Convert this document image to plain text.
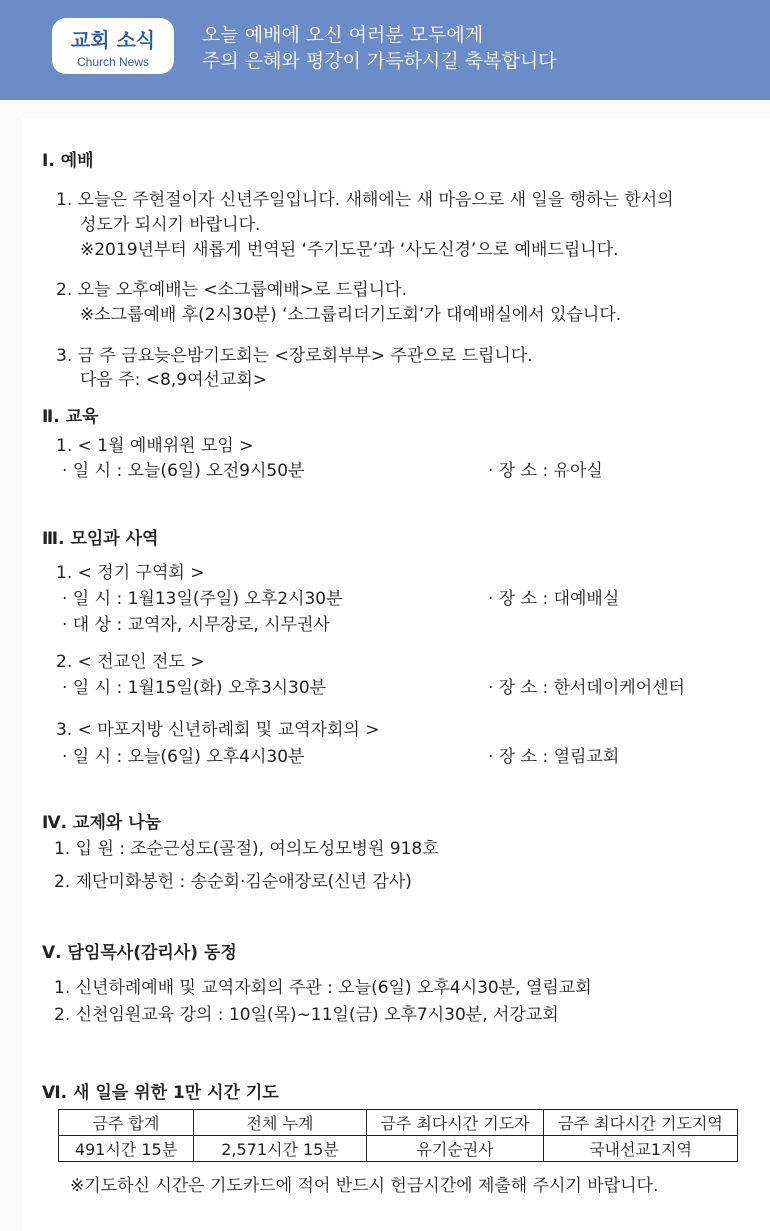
교회 소식
Church News
오늘 예배에 오신 여러분 모두에게
주의 은혜와 평강이 가득하시길 축복합니다
Ⅰ. 예배
1. 오늘은 주현절이자 신년주일입니다. 새해에는 새 마음으로 새 일을 행하는 한서의
성도가 되시기 바랍니다.
※2019년부터 새롭게 번역된 ‘주기도문’과 ‘사도신경’으로 예배드립니다.
2. 오늘 오후예배는 <소그룹예배>로 드립니다.
※소그룹예배 후(2시30분) ‘소그룹리더기도회’가 대예배실에서 있습니다.
3. 금 주 금요늦은밤기도회는 <장로회부부> 주관으로 드립니다.
다음 주: <8,9여선교회>
Ⅱ. 교육
1. < 1월 예배위원 모임 >
· 일 시 : 오늘(6일) 오전9시50분	· 장 소 : 유아실
Ⅲ. 모임과 사역
1. < 정기 구역회 >
· 일 시 : 1월13일(주일) 오후2시30분	· 장 소 : 대예배실
· 대 상 : 교역자, 시무장로, 시무권사
2. < 전교인 전도 >
· 일 시 : 1월15일(화) 오후3시30분	· 장 소 : 한서데이케어센터
3. < 마포지방 신년하례회 및 교역자회의 >
· 일 시 : 오늘(6일) 오후4시30분	· 장 소 : 열림교회
Ⅳ. 교제와 나눔
1. 입 원 : 조순근성도(골절), 여의도성모병원 918호
2. 제단미화봉헌 : 송순회·김순애장로(신년 감사)
Ⅴ. 담임목사(감리사) 동정
1. 신년하례예배 및 교역자회의 주관 : 오늘(6일) 오후4시30분, 열림교회
2. 신천임원교육 강의 : 10일(목)~11일(금) 오후7시30분, 서강교회
Ⅵ. 새 일을 위한 1만 시간 기도
금주 합계	전체 누계	금주 최다시간 기도자	금주 최다시간 기도지역
491시간 15분	2,571시간 15분	유기순권사	국내선교1지역
※기도하신 시간은 기도카드에 적어 반드시 헌금시간에 제출해 주시기 바랍니다.
